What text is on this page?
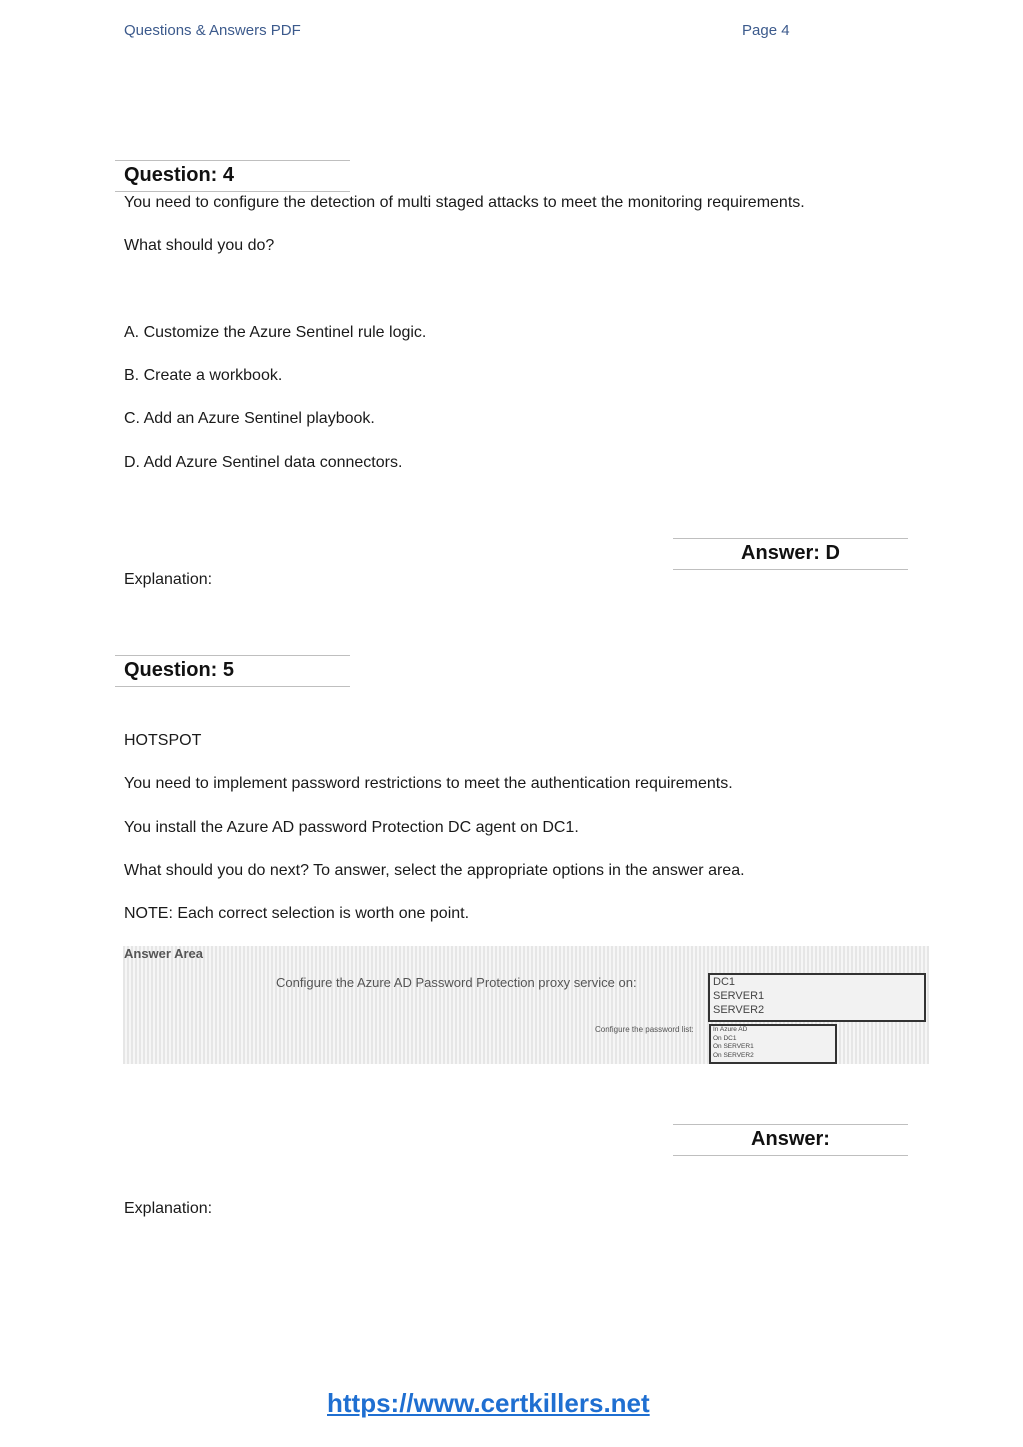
Questions & Answers PDF	Page 4
Question: 4
You need to configure the detection of multi staged attacks to meet the monitoring requirements.
What should you do?
A. Customize the Azure Sentinel rule logic.
B. Create a workbook.
C. Add an Azure Sentinel playbook.
D. Add Azure Sentinel data connectors.
Answer: D
Explanation:
Question: 5
HOTSPOT
You need to implement password restrictions to meet the authentication requirements.
You install the Azure AD password Protection DC agent on DC1.
What should you do next? To answer, select the appropriate options in the answer area.
NOTE: Each correct selection is worth one point.
Answer Area
Configure the Azure AD Password Protection proxy service on:	DC1
SERVER1
SERVER2
Configure the password list:	In Azure AD
On DC1
On SERVER1
On SERVER2
Answer:
Explanation:
https://www.certkillers.net
